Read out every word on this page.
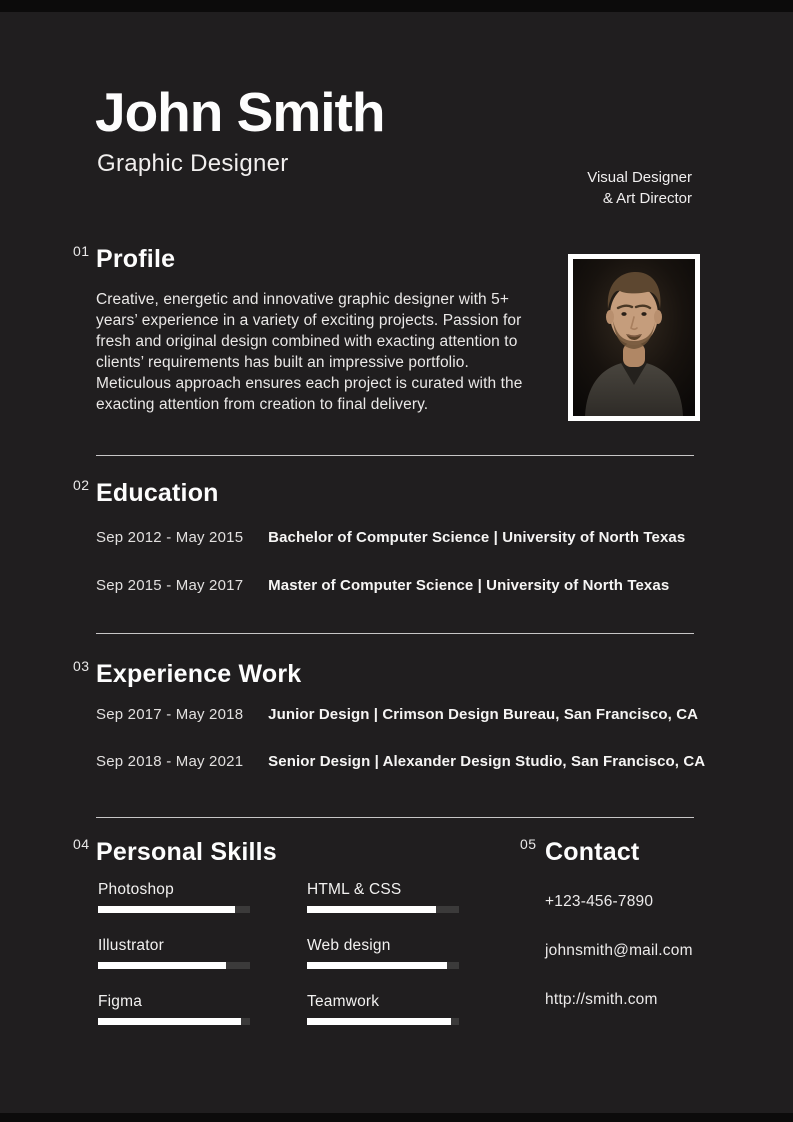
John Smith
Graphic Designer
Visual Designer
& Art Director
01 Profile
Creative, energetic and innovative graphic designer with 5+ years’ experience in a variety of exciting projects. Passion for fresh and original design combined with exacting attention to clients’ requirements has built an impressive portfolio. Meticulous approach ensures each project is curated with the exacting attention from creation to final delivery.
02 Education
Sep 2012 - May 2015 Bachelor of Computer Science | University of North Texas
Sep 2015 - May 2017 Master of Computer Science | University of North Texas
03 Experience Work
Sep 2017 - May 2018 Junior Design | Crimson Design Bureau, San Francisco, CA
Sep 2018 - May 2021 Senior Design | Alexander Design Studio, San Francisco, CA
04 Personal Skills
Photoshop
Illustrator
Figma
HTML & CSS
Web design
Teamwork
05 Contact
+123-456-7890
johnsmith@mail.com
http://smith.com
